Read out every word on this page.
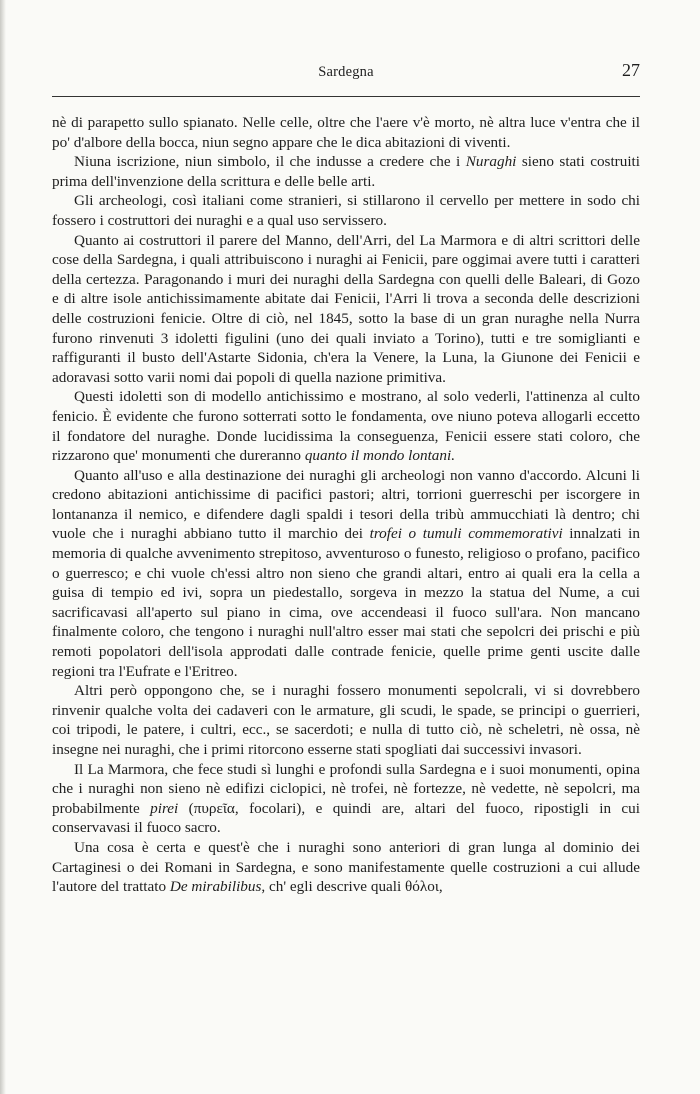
Sardegna	27

nè di parapetto sullo spianato. Nelle celle, oltre che l'aere v'è morto, nè altra luce v'entra che il po' d'albore della bocca, niun segno appare che le dica abitazioni di viventi.

Niuna iscrizione, niun simbolo, il che indusse a credere che i Nuraghi sieno stati costruiti prima dell'invenzione della scrittura e delle belle arti.

Gli archeologi, così italiani come stranieri, si stillarono il cervello per mettere in sodo chi fossero i costruttori dei nuraghi e a qual uso servissero.

Quanto ai costruttori il parere del Manno, dell'Arri, del La Marmora e di altri scrittori delle cose della Sardegna, i quali attribuiscono i nuraghi ai Fenicii, pare oggimai avere tutti i caratteri della certezza. Paragonando i muri dei nuraghi della Sardegna con quelli delle Baleari, di Gozo e di altre isole antichissimamente abitate dai Fenicii, l'Arri li trova a seconda delle descrizioni delle costruzioni fenicie. Oltre di ciò, nel 1845, sotto la base di un gran nuraghe nella Nurra furono rinvenuti 3 idoletti figulini (uno dei quali inviato a Torino), tutti e tre somiglianti e raffiguranti il busto dell'Astarte Sidonia, ch'era la Venere, la Luna, la Giunone dei Fenicii e adoravasi sotto varii nomi dai popoli di quella nazione primitiva.

Questi idoletti son di modello antichissimo e mostrano, al solo vederli, l'attinenza al culto fenicio. È evidente che furono sotterrati sotto le fondamenta, ove niuno poteva allogarli eccetto il fondatore del nuraghe. Donde lucidissima la conseguenza, Fenicii essere stati coloro, che rizzarono que' monumenti che dureranno quanto il mondo lontani.

Quanto all'uso e alla destinazione dei nuraghi gli archeologi non vanno d'accordo. Alcuni li credono abitazioni antichissime di pacifici pastori; altri, torrioni guerreschi per iscorgere in lontananza il nemico, e difendere dagli spaldi i tesori della tribù ammucchiati là dentro; chi vuole che i nuraghi abbiano tutto il marchio dei trofei o tumuli commemorativi innalzati in memoria di qualche avvenimento strepitoso, avventuroso o funesto, religioso o profano, pacifico o guerresco; e chi vuole ch'essi altro non sieno che grandi altari, entro ai quali era la cella a guisa di tempio ed ivi, sopra un piedestallo, sorgeva in mezzo la statua del Nume, a cui sacrificavasi all'aperto sul piano in cima, ove accendeasi il fuoco sull'ara. Non mancano finalmente coloro, che tengono i nuraghi null'altro esser mai stati che sepolcri dei prischi e più remoti popolatori dell'isola approdati dalle contrade fenicie, quelle prime genti uscite dalle regioni tra l'Eufrate e l'Eritreo.

Altri però oppongono che, se i nuraghi fossero monumenti sepolcrali, vi si dovrebbero rinvenir qualche volta dei cadaveri con le armature, gli scudi, le spade, se principi o guerrieri, coi tripodi, le patere, i cultri, ecc., se sacerdoti; e nulla di tutto ciò, nè scheletri, nè ossa, nè insegne nei nuraghi, che i primi ritorcono esserne stati spogliati dai successivi invasori.

Il La Marmora, che fece studi sì lunghi e profondi sulla Sardegna e i suoi monumenti, opina che i nuraghi non sieno nè edifizi ciclopici, nè trofei, nè fortezze, nè vedette, nè sepolcri, ma probabilmente pirei (πυρεῖα, focolari), e quindi are, altari del fuoco, ripostigli in cui conservavasi il fuoco sacro.

Una cosa è certa e quest'è che i nuraghi sono anteriori di gran lunga al dominio dei Cartaginesi o dei Romani in Sardegna, e sono manifestamente quelle costruzioni a cui allude l'autore del trattato De mirabilibus, ch' egli descrive quali θόλοι,
